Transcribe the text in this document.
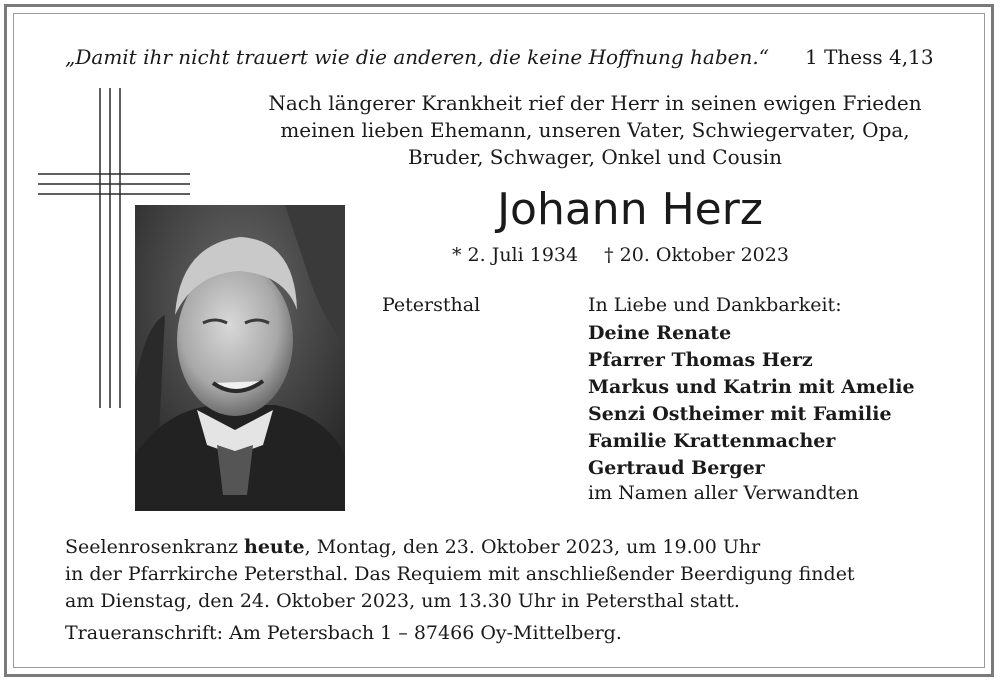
„Damit ihr nicht trauert wie die anderen, die keine Hoffnung haben.“ 1 Thess 4,13
Nach längerer Krankheit rief der Herr in seinen ewigen Frieden
meinen lieben Ehemann, unseren Vater, Schwiegervater, Opa,
Bruder, Schwager, Onkel und Cousin
Johann Herz
* 2. Juli 1934 † 20. Oktober 2023
Petersthal	In Liebe und Dankbarkeit:
Deine Renate
Pfarrer Thomas Herz
Markus und Katrin mit Amelie
Senzi Ostheimer mit Familie
Familie Krattenmacher
Gertraud Berger
im Namen aller Verwandten

Seelenrosenkranz heute, Montag, den 23. Oktober 2023, um 19.00 Uhr
in der Pfarrkirche Petersthal. Das Requiem mit anschließender Beerdigung findet
am Dienstag, den 24. Oktober 2023, um 13.30 Uhr in Petersthal statt.

Traueranschrift: Am Petersbach 1 – 87466 Oy-Mittelberg.
